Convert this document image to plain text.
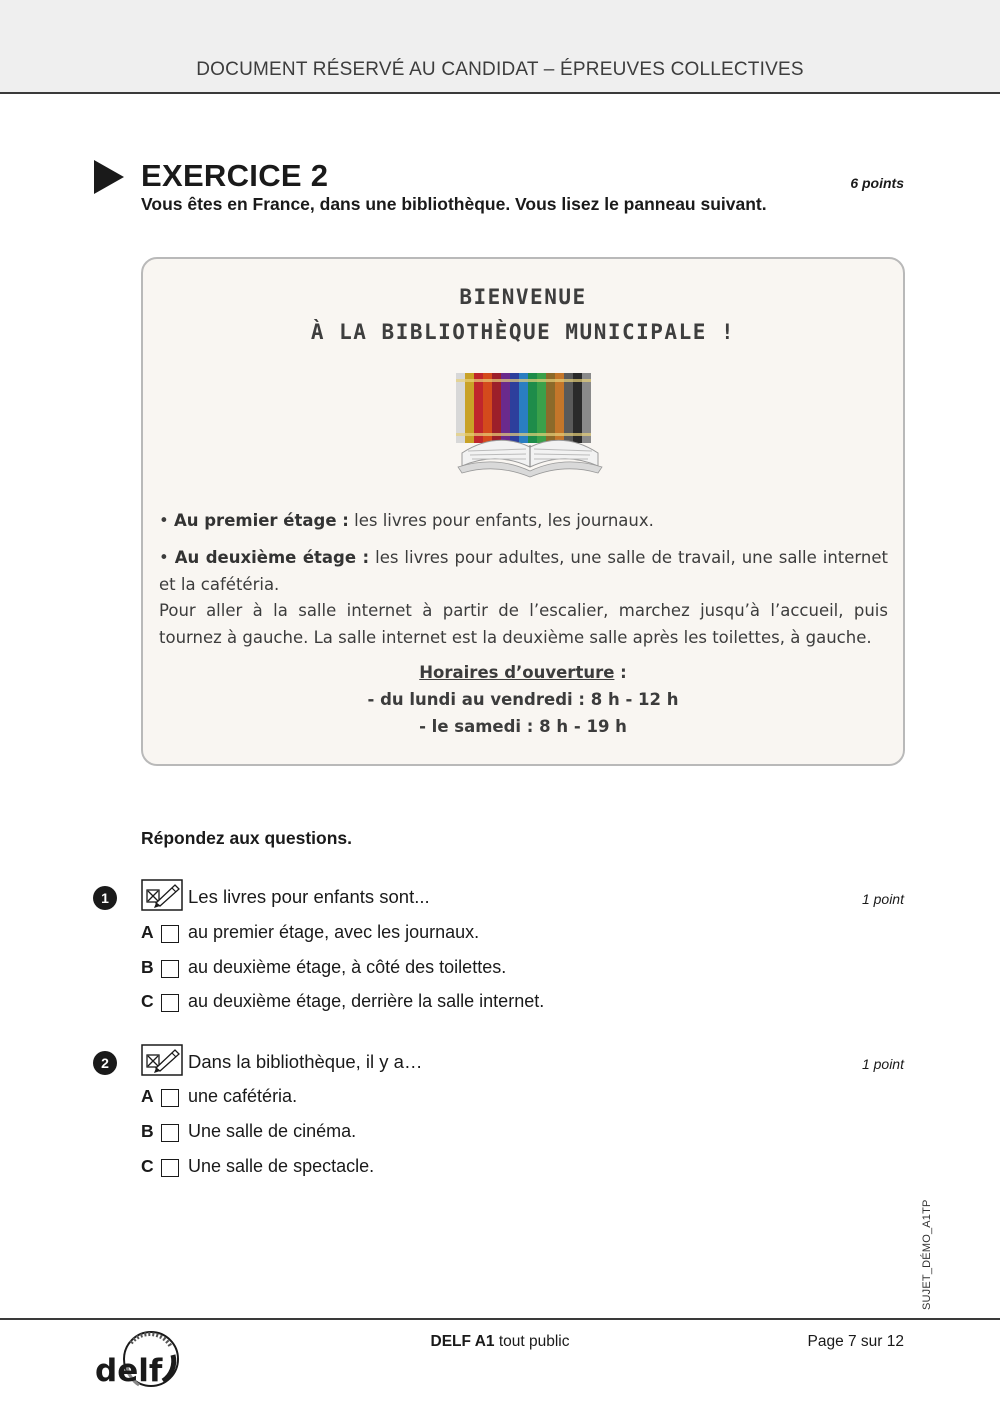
DOCUMENT RÉSERVÉ AU CANDIDAT – ÉPREUVES COLLECTIVES
EXERCICE 2	6 points
Vous êtes en France, dans une bibliothèque. Vous lisez le panneau suivant.
BIENVENUE
À LA BIBLIOTHÈQUE MUNICIPALE !
• Au premier étage : les livres pour enfants, les journaux.
• Au deuxième étage : les livres pour adultes, une salle de travail, une salle internet et la cafétéria.
Pour aller à la salle internet à partir de l’escalier, marchez jusqu’à l’accueil, puis tournez à gauche. La salle internet est la deuxième salle après les toilettes, à gauche.
Horaires d’ouverture :
- du lundi au vendredi : 8 h - 12 h
- le samedi : 8 h - 19 h
Répondez aux questions.
1	Les livres pour enfants sont...	1 point
A au premier étage, avec les journaux.
B au deuxième étage, à côté des toilettes.
C au deuxième étage, derrière la salle internet.
2	Dans la bibliothèque, il y a…	1 point
A une cafétéria.
B Une salle de cinéma.
C Une salle de spectacle.
SUJET_DÉMO_A1TP
delf
DELF A1 tout public	Page 7 sur 12
